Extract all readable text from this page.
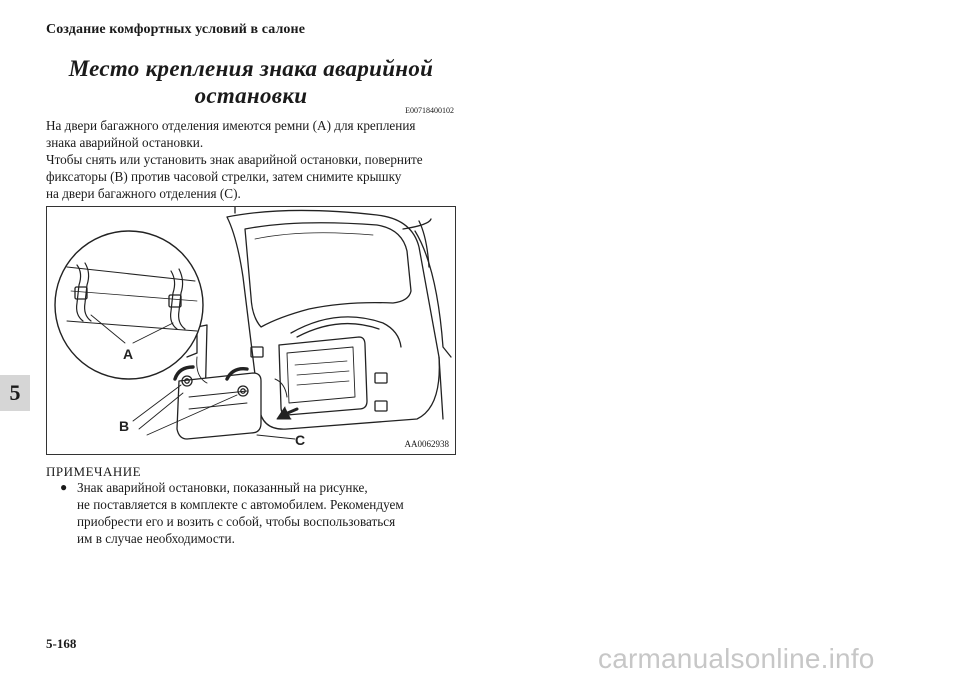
Создание комфортных условий в салоне
Место крепления знака аварийной
остановки
E00718400102

На двери багажного отделения имеются ремни (A) для крепления

знака аварийной остановки.

Чтобы снять или установить знак аварийной остановки, поверните

фиксаторы (B) против часовой стрелки, затем снимите крышку

на двери багажного отделения (C).

A
B
C	AA0062938
ПРИМЕЧАНИЕ
● Знак аварийной остановки, показанный на рисунке,
не поставляется в комплекте с автомобилем. Рекомендуем
приобрести его и возить с собой, чтобы воспользоваться
им в случае необходимости.
5
5-168	carmanualsonline.info
